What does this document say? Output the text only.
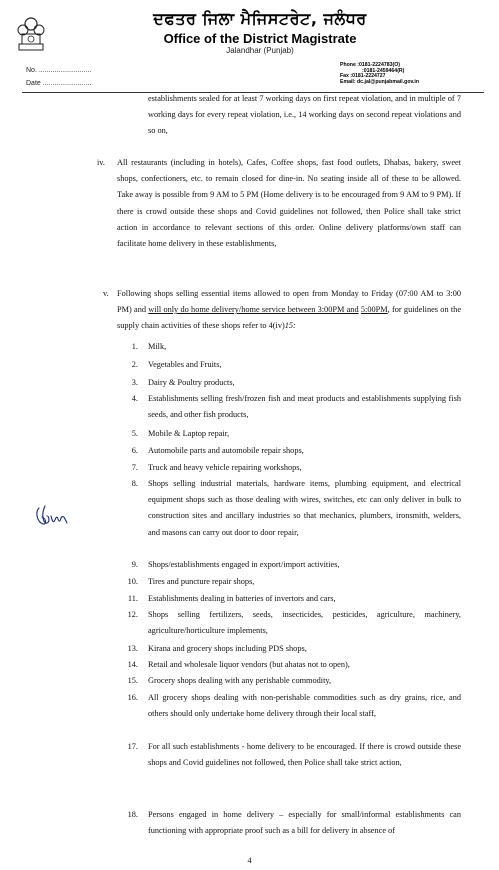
ਦਫਤਰ ਜਿਲਾ ਮੈਜਿਸਟਰੇਟ, ਜਲੰਧਰ
Office of the District Magistrate
Jalandhar (Punjab)
No. ...........................
Date .........................
Phone :0181-2224783(O)
:0181-2459464(R)
Fax :0181-2224727
Email: dc.jal@punjabmail.gov.in
establishments sealed for at least 7 working days on first repeat violation, and in multiple of 7 working days for every repeat violation, i.e., 14 working days on second repeat violations and so on,
iv. All restaurants (including in hotels), Cafes, Coffee shops, fast food outlets, Dhabas, bakery, sweet shops, confectioners, etc. to remain closed for dine-in. No seating inside all of these to be allowed. Take away is possible from 9 AM to 5 PM (Home delivery is to be encouraged from 9 AM to 9 PM). If there is crowd outside these shops and Covid guidelines not followed, then Police shall take strict action in accordance to relevant sections of this order. Online delivery platforms/own staff can facilitate home delivery in these establishments,
v. Following shops selling essential items allowed to open from Monday to Friday (07:00 AM to 3:00 PM) and will only do home delivery/home service between 3:00PM and 5:00PM, for guidelines on the supply chain activities of these shops refer to 4(iv)15:
1. Milk,
2. Vegetables and Fruits,
3. Dairy & Poultry products,
4. Establishments selling fresh/frozen fish and meat products and establishments supplying fish seeds, and other fish products,
5. Mobile & Laptop repair,
6. Automobile parts and automobile repair shops,
7. Truck and heavy vehicle repairing workshops,
8. Shops selling industrial materials, hardware items, plumbing equipment, and electrical equipment shops such as those dealing with wires, switches, etc can only deliver in bulk to construction sites and ancillary industries so that mechanics, plumbers, ironsmith, welders, and masons can carry out door to door repair,
9. Shops/establishments engaged in export/import activities,
10. Tires and puncture repair shops,
11. Establishments dealing in batteries of invertors and cars,
12. Shops selling fertilizers, seeds, insecticides, pesticides, agriculture, machinery, agriculture/horticulture implements,
13. Kirana and grocery shops including PDS shops,
14. Retail and wholesale liquor vendors (but ahatas not to open),
15. Grocery shops dealing with any perishable commodity,
16. All grocery shops dealing with non-perishable commodities such as dry grains, rice, and others should only undertake home delivery through their local staff,
17. For all such establishments - home delivery to be encouraged. If there is crowd outside these shops and Covid guidelines not followed, then Police shall take strict action,
18. Persons engaged in home delivery – especially for small/informal establishments can functioning with appropriate proof such as a bill for delivery in absence of
4
